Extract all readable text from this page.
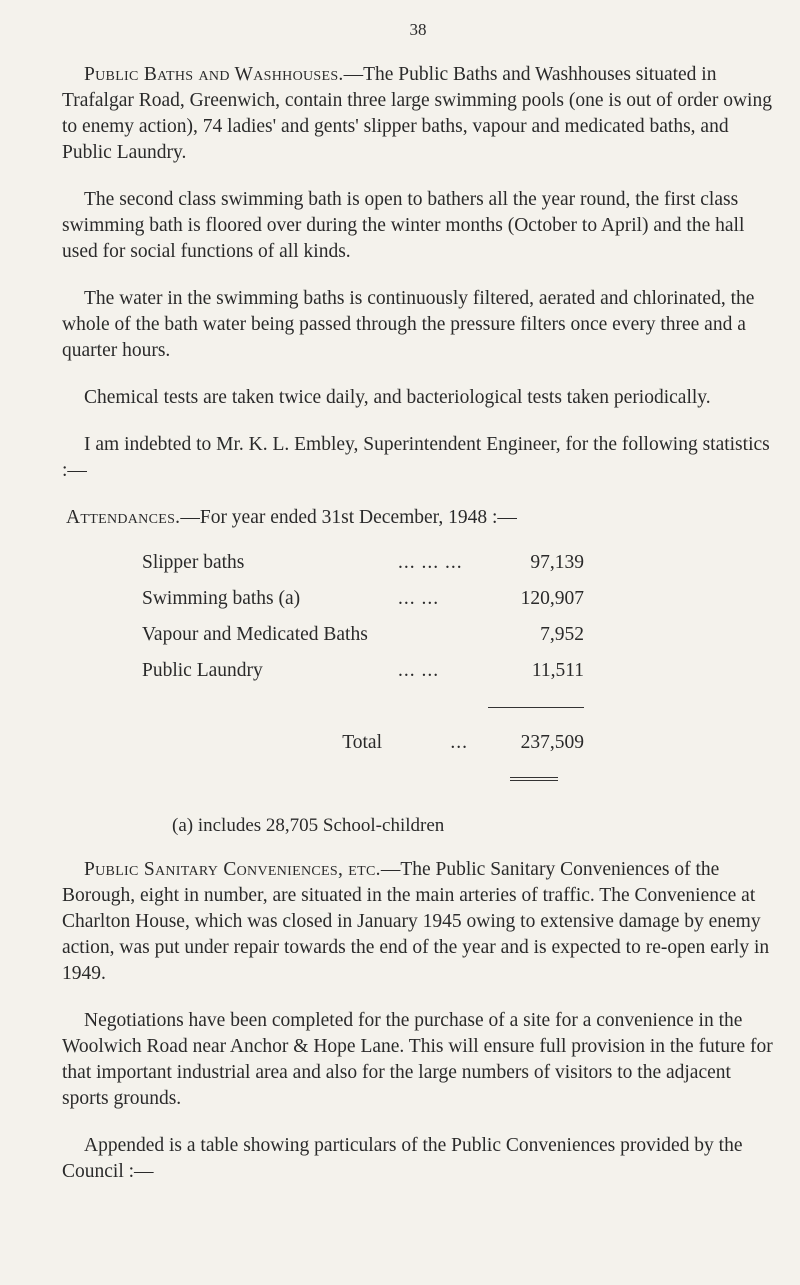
38

Public Baths and Washhouses.—The Public Baths and Washhouses situated in Trafalgar Road, Greenwich, contain three large swimming pools (one is out of order owing to enemy action), 74 ladies' and gents' slipper baths, vapour and medicated baths, and Public Laundry.

The second class swimming bath is open to bathers all the year round, the first class swimming bath is floored over during the winter months (October to April) and the hall used for social functions of all kinds.

The water in the swimming baths is continuously filtered, aerated and chlorinated, the whole of the bath water being passed through the pressure filters once every three and a quarter hours.

Chemical tests are taken twice daily, and bacteriological tests taken periodically.

I am indebted to Mr. K. L. Embley, Superintendent Engineer, for the following statistics :—

Attendances.—For year ended 31st December, 1948 :—
Slipper baths	... ... ...	97,139
Swimming baths (a)	... ...	120,907
Vapour and Medicated Baths		7,952
Public Laundry	... ...	11,511

Total	...	237,509

(a) includes 28,705 School-children

Public Sanitary Conveniences, etc.—The Public Sanitary Conveniences of the Borough, eight in number, are situated in the main arteries of traffic. The Convenience at Charlton House, which was closed in January 1945 owing to extensive damage by enemy action, was put under repair towards the end of the year and is expected to re-open early in 1949.

Negotiations have been completed for the purchase of a site for a convenience in the Woolwich Road near Anchor & Hope Lane. This will ensure full provision in the future for that important industrial area and also for the large numbers of visitors to the adjacent sports grounds.

Appended is a table showing particulars of the Public Conveniences provided by the Council :—
